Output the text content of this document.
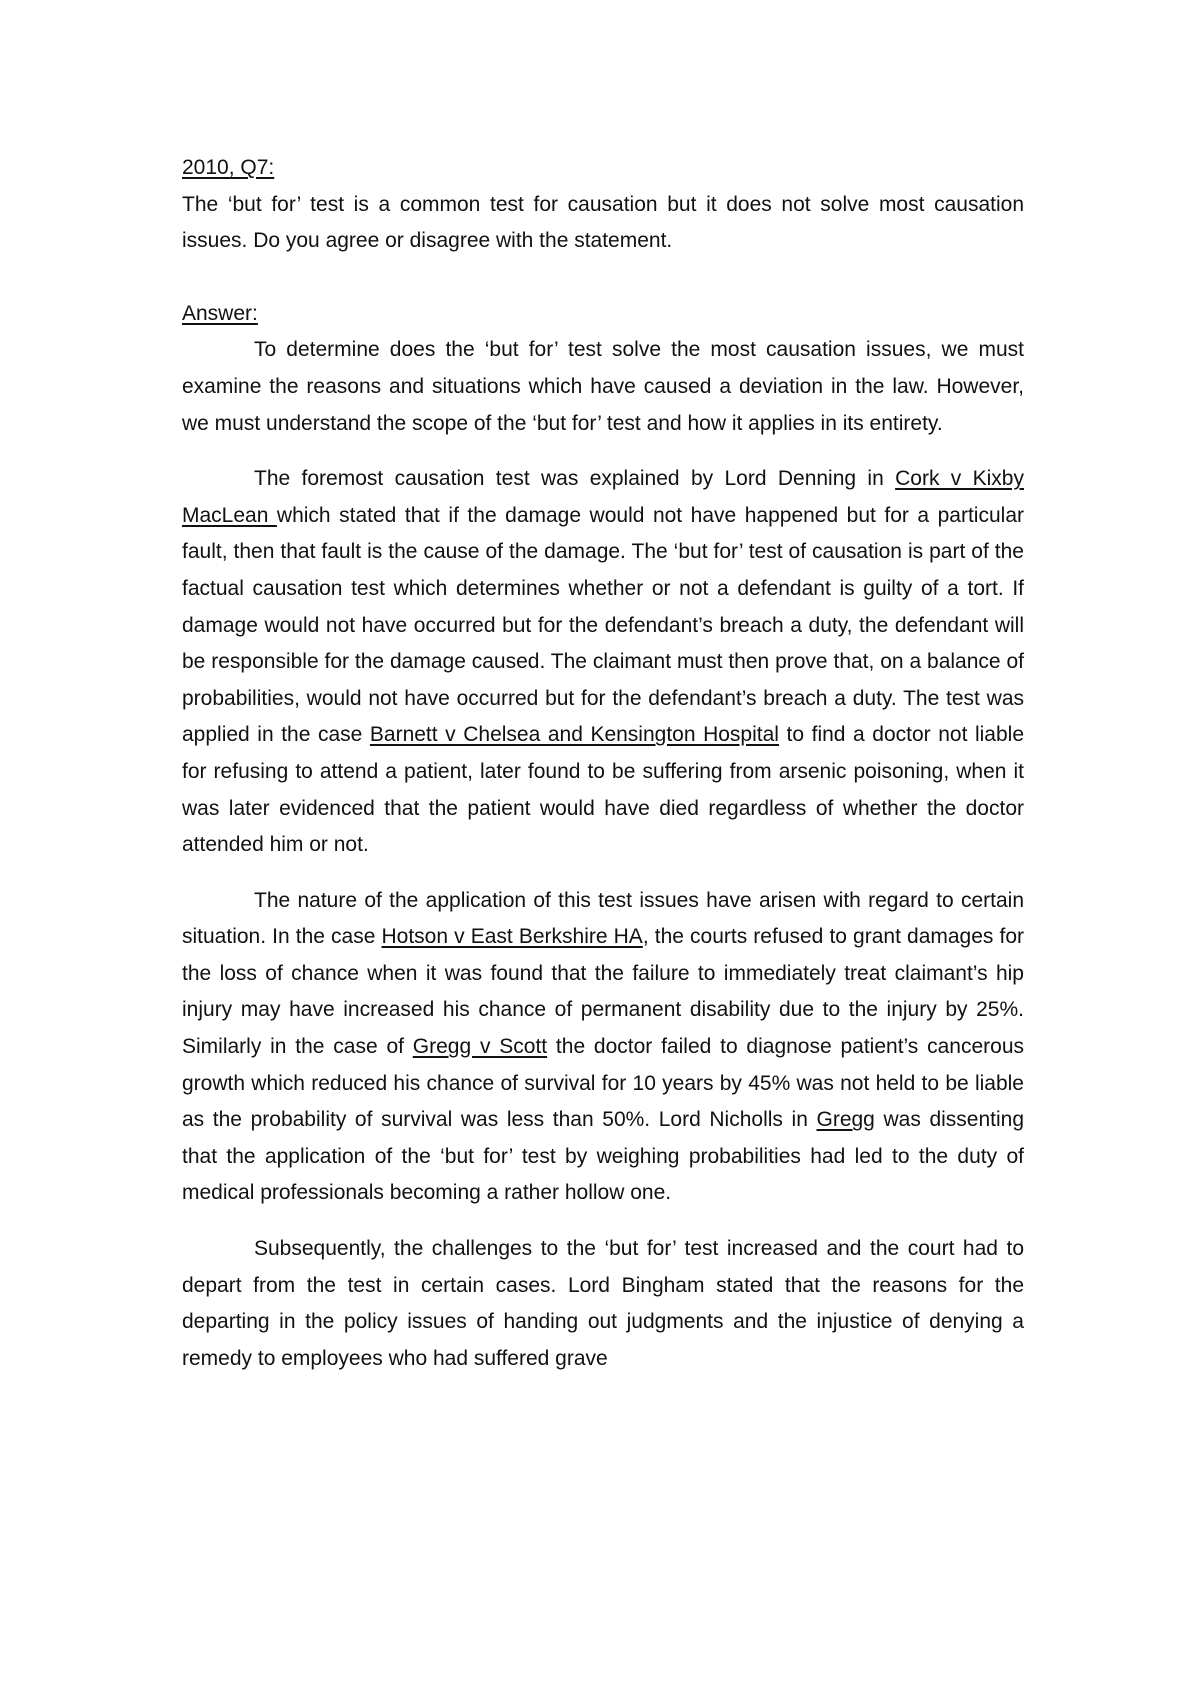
2010, Q7:

The ‘but for’ test is a common test for causation but it does not solve most causation issues. Do you agree or disagree with the statement.

Answer:

To determine does the ‘but for’ test solve the most causation issues, we must examine the reasons and situations which have caused a deviation in the law. However, we must understand the scope of the ‘but for’ test and how it applies in its entirety.

The foremost causation test was explained by Lord Denning in Cork v Kixby MacLean which stated that if the damage would not have happened but for a particular fault, then that fault is the cause of the damage. The ‘but for’ test of causation is part of the factual causation test which determines whether or not a defendant is guilty of a tort. If damage would not have occurred but for the defendant’s breach a duty, the defendant will be responsible for the damage caused. The claimant must then prove that, on a balance of probabilities, would not have occurred but for the defendant’s breach a duty. The test was applied in the case Barnett v Chelsea and Kensington Hospital to find a doctor not liable for refusing to attend a patient, later found to be suffering from arsenic poisoning, when it was later evidenced that the patient would have died regardless of whether the doctor attended him or not.

The nature of the application of this test issues have arisen with regard to certain situation. In the case Hotson v East Berkshire HA, the courts refused to grant damages for the loss of chance when it was found that the failure to immediately treat claimant’s hip injury may have increased his chance of permanent disability due to the injury by 25%. Similarly in the case of Gregg v Scott the doctor failed to diagnose patient’s cancerous growth which reduced his chance of survival for 10 years by 45% was not held to be liable as the probability of survival was less than 50%. Lord Nicholls in Gregg was dissenting that the application of the ‘but for’ test by weighing probabilities had led to the duty of medical professionals becoming a rather hollow one.

Subsequently, the challenges to the ‘but for’ test increased and the court had to depart from the test in certain cases. Lord Bingham stated that the reasons for the departing in the policy issues of handing out judgments and the injustice of denying a remedy to employees who had suffered grave
